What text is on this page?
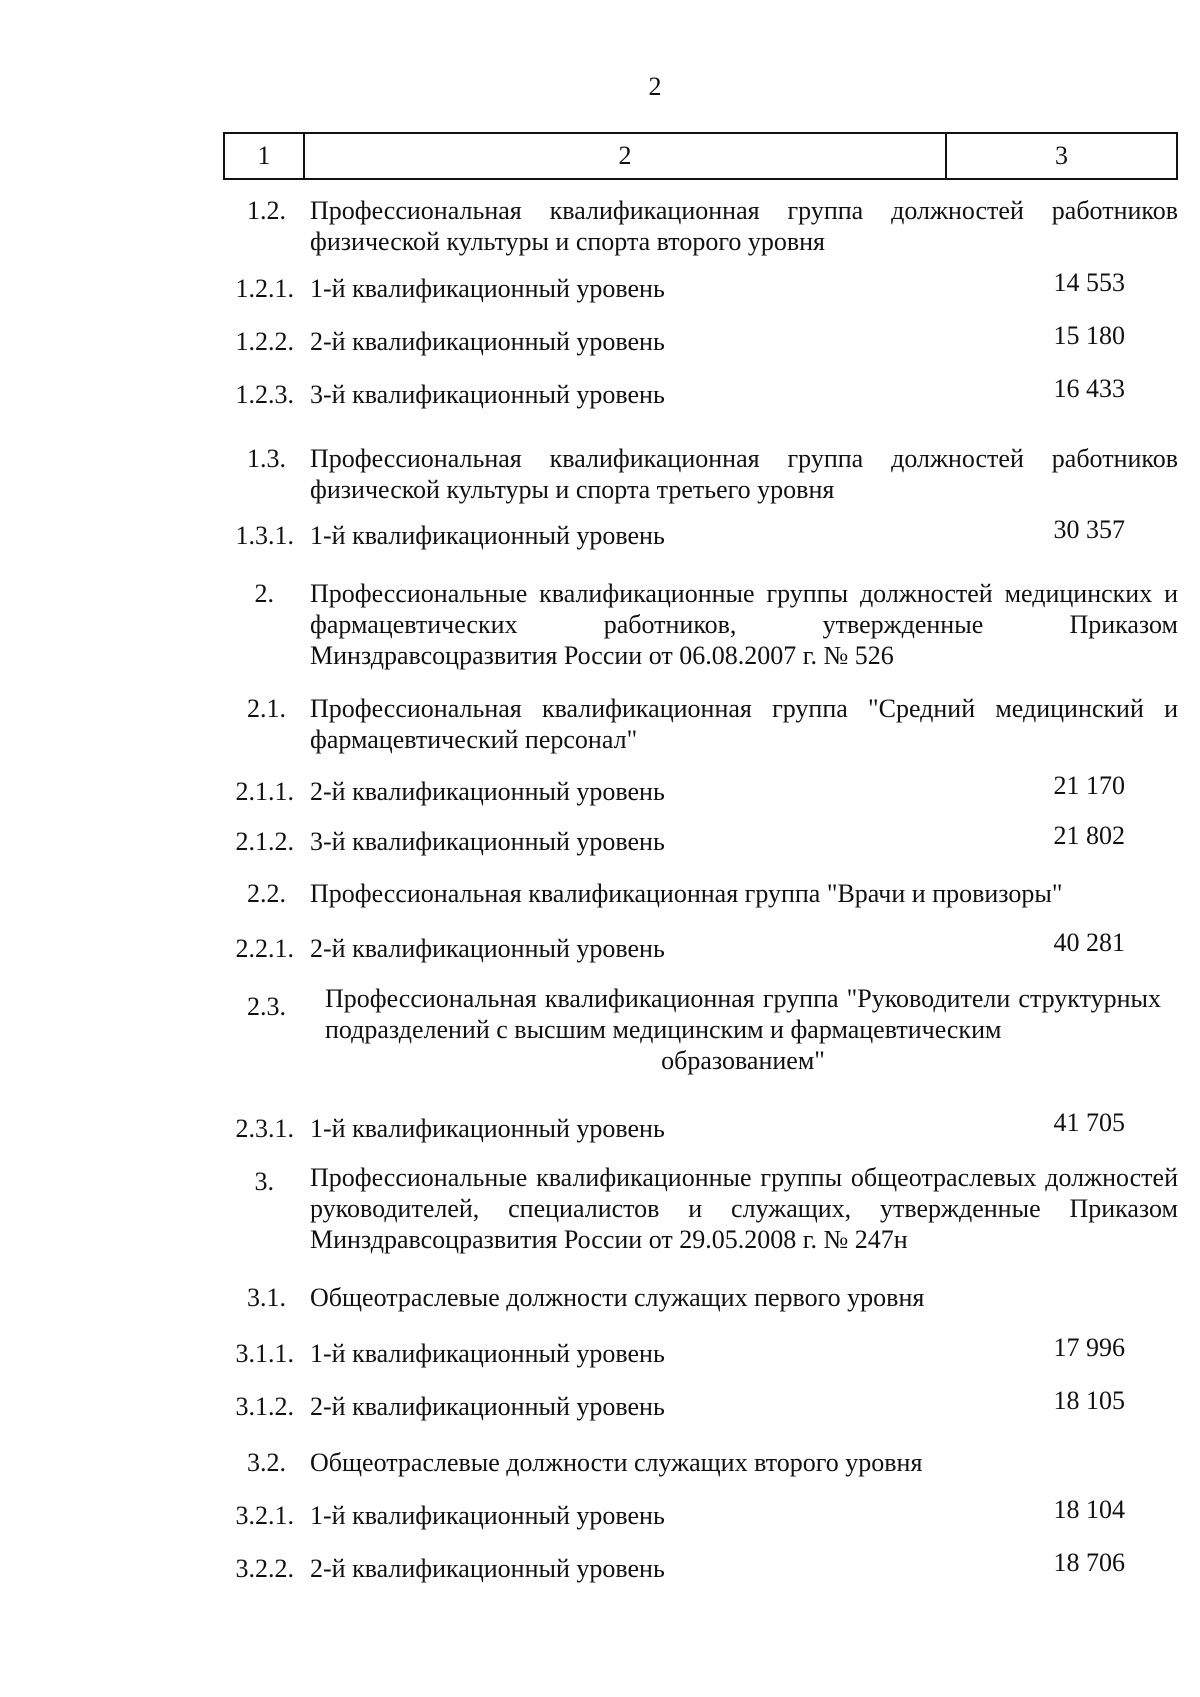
2
1	2	3
1.2. Профессиональная квалификационная группа должностей работников физической культуры и спорта второго уровня
1.2.1. 1-й квалификационный уровень	14 553
1.2.2. 2-й квалификационный уровень	15 180
1.2.3. 3-й квалификационный уровень	16 433
1.3. Профессиональная квалификационная группа должностей работников физической культуры и спорта третьего уровня
1.3.1. 1-й квалификационный уровень	30 357
2. Профессиональные квалификационные группы должностей медицинских и фармацевтических работников, утвержденные Приказом Минздравсоцразвития России от 06.08.2007 г. № 526
2.1. Профессиональная квалификационная группа "Средний медицинский и фармацевтический персонал"
2.1.1. 2-й квалификационный уровень	21 170
2.1.2. 3-й квалификационный уровень	21 802
2.2. Профессиональная квалификационная группа "Врачи и провизоры"
2.2.1. 2-й квалификационный уровень	40 281
2.3. Профессиональная квалификационная группа "Руководители структурных подразделений с высшим медицинским и фармацевтическим
образованием"
2.3.1. 1-й квалификационный уровень	41 705
3. Профессиональные квалификационные группы общеотраслевых должностей руководителей, специалистов и служащих, утвержденные Приказом Минздравсоцразвития России от 29.05.2008 г. № 247н
3.1. Общеотраслевые должности служащих первого уровня
3.1.1. 1-й квалификационный уровень	17 996
3.1.2. 2-й квалификационный уровень	18 105
3.2. Общеотраслевые должности служащих второго уровня
3.2.1. 1-й квалификационный уровень	18 104
3.2.2. 2-й квалификационный уровень	18 706
